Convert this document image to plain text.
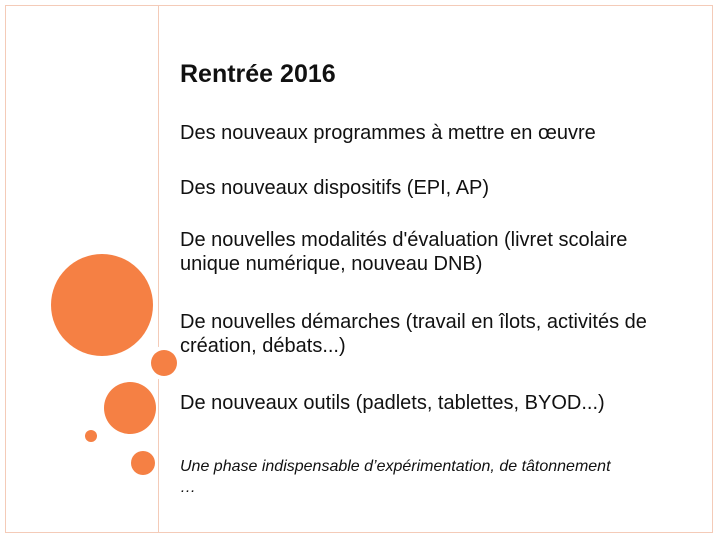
Rentrée 2016
Des nouveaux programmes à mettre en œuvre
Des nouveaux dispositifs (EPI, AP)
De nouvelles modalités d'évaluation (livret scolaire unique numérique, nouveau DNB)
De nouvelles démarches (travail en îlots, activités de création, débats...)
De nouveaux outils (padlets, tablettes, BYOD...)
Une phase indispensable d’expérimentation, de tâtonnement …
